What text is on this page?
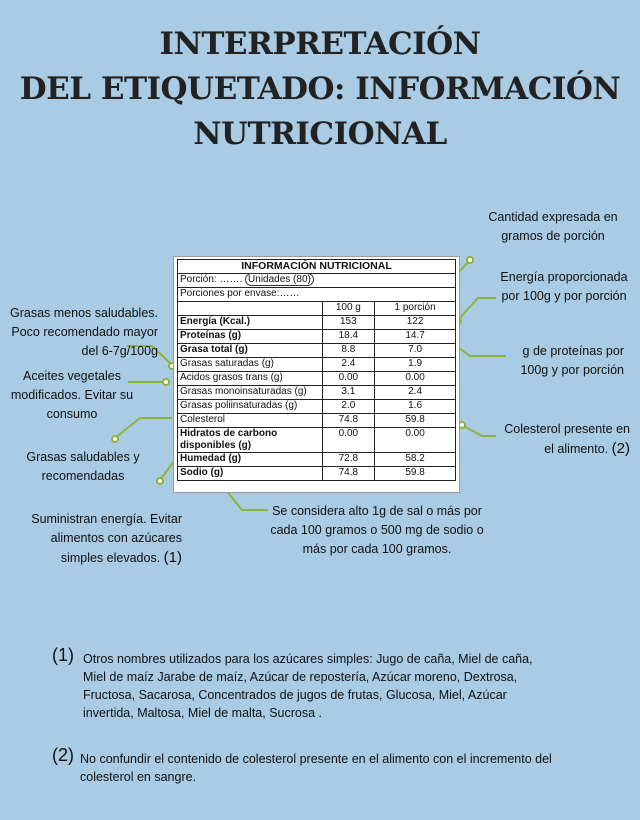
INTERPRETACIÓN
DEL ETIQUETADO: INFORMACIÓN
NUTRICIONAL
INFORMACIÓN NUTRICIONAL		
Porción: ……. Unidades (80)		
Porciones por envase:……		
	100 g	1 porción
Energía (Kcal.)	153	122
Proteínas (g)	18.4	14.7
Grasa total (g)	8.8	7.0
Grasas saturadas (g)	2.4	1.9
Ácidos grasos trans (g)	0.00	0.00
Grasas monoinsaturadas (g)	3.1	2.4
Grasas poliinsaturadas (g)	2.0	1.6
Colesterol	74.8	59.8
Hidratos de carbono disponibles (g)	0.00	0.00
Humedad (g)	72.8	58.2
Sodio (g)	74.8	59.8
Cantidad expresada en gramos de porción
Energía proporcionada por 100g y por porción
g de proteínas por 100g y por porción
Colesterol presente en el alimento. (2)
Se considera alto 1g de sal o más por cada 100 gramos o 500 mg de sodio o más por cada 100 gramos.
Grasas menos saludables. Poco recomendado mayor del 6-7g/100g
Aceites vegetales modificados. Evitar su consumo
Grasas saludables y recomendadas
Suministran energía. Evitar alimentos con azúcares simples elevados. (1)
(1) Otros nombres utilizados para los azúcares simples: Jugo de caña, Miel de caña, Miel de maíz Jarabe de maíz, Azúcar de repostería, Azúcar moreno, Dextrosa, Fructosa, Sacarosa, Concentrados de jugos de frutas, Glucosa, Miel, Azúcar invertida, Maltosa, Miel de malta, Sucrosa .
(2) No confundir el contenido de colesterol presente en el alimento con el incremento del colesterol en sangre.
